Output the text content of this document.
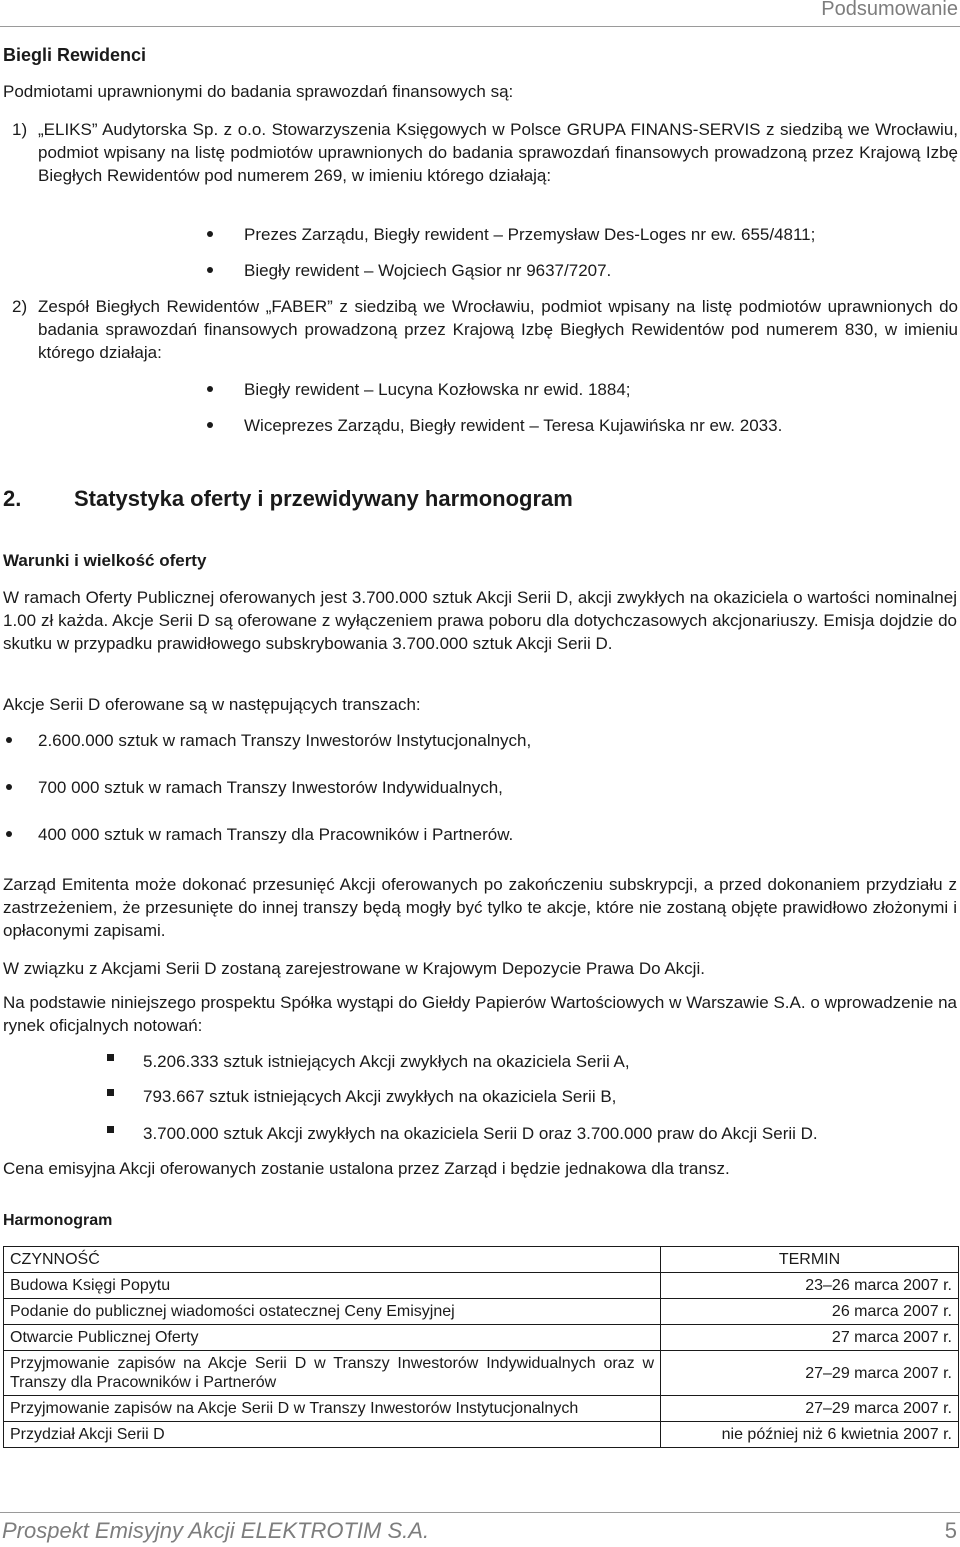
Podsumowanie
Biegli Rewidenci
Podmiotami uprawnionymi do badania sprawozdań finansowych są:
1) „ELIKS” Audytorska Sp. z o.o. Stowarzyszenia Księgowych w Polsce GRUPA FINANS-SERVIS z siedzibą we Wrocławiu, podmiot wpisany na listę podmiotów uprawnionych do badania sprawozdań finansowych prowadzoną przez Krajową Izbę Biegłych Rewidentów pod numerem 269, w imieniu którego działają:
Prezes Zarządu, Biegły rewident – Przemysław Des-Loges nr ew. 655/4811;
Biegły rewident – Wojciech Gąsior nr 9637/7207.
2) Zespół Biegłych Rewidentów „FABER” z siedzibą we Wrocławiu, podmiot wpisany na listę podmiotów uprawnionych do badania sprawozdań finansowych prowadzoną przez Krajową Izbę Biegłych Rewidentów pod numerem 830, w imieniu którego działaja:
Biegły rewident – Lucyna Kozłowska nr ewid. 1884;
Wiceprezes Zarządu, Biegły rewident – Teresa Kujawińska nr ew. 2033.
2. Statystyka oferty i przewidywany harmonogram
Warunki i wielkość oferty
W ramach Oferty Publicznej oferowanych jest 3.700.000 sztuk Akcji Serii D, akcji zwykłych na okaziciela o wartości nominalnej 1.00 zł każda. Akcje Serii D są oferowane z wyłączeniem prawa poboru dla dotychczasowych akcjonariuszy. Emisja dojdzie do skutku w przypadku prawidłowego subskrybowania 3.700.000 sztuk Akcji Serii D.
Akcje Serii D oferowane są w następujących transzach:
2.600.000 sztuk w ramach Transzy Inwestorów Instytucjonalnych,
700 000 sztuk w ramach Transzy Inwestorów Indywidualnych,
400 000 sztuk w ramach Transzy dla Pracowników i Partnerów.
Zarząd Emitenta może dokonać przesunięć Akcji oferowanych po zakończeniu subskrypcji, a przed dokonaniem przydziału z zastrzeżeniem, że przesunięte do innej transzy będą mogły być tylko te akcje, które nie zostaną objęte prawidłowo złożonymi i opłaconymi zapisami.
W związku z Akcjami Serii D zostaną zarejestrowane w Krajowym Depozycie Prawa Do Akcji.
Na podstawie niniejszego prospektu Spółka wystąpi do Giełdy Papierów Wartościowych w Warszawie S.A. o wprowadzenie na rynek oficjalnych notowań:
5.206.333 sztuk istniejących Akcji zwykłych na okaziciela Serii A,
793.667 sztuk istniejących Akcji zwykłych na okaziciela Serii B,
3.700.000 sztuk Akcji zwykłych na okaziciela Serii D oraz 3.700.000 praw do Akcji Serii D.
Cena emisyjna Akcji oferowanych zostanie ustalona przez Zarząd i będzie jednakowa dla transz.
Harmonogram
CZYNNOŚĆ	TERMIN
Budowa Księgi Popytu	23–26 marca 2007 r.
Podanie do publicznej wiadomości ostatecznej Ceny Emisyjnej	26 marca 2007 r.
Otwarcie Publicznej Oferty	27 marca 2007 r.
Przyjmowanie zapisów na Akcje Serii D w Transzy Inwestorów Indywidualnych oraz w Transzy dla Pracowników i Partnerów	27–29 marca 2007 r.
Przyjmowanie zapisów na Akcje Serii D w Transzy Inwestorów Instytucjonalnych	27–29 marca 2007 r.
Przydział Akcji Serii D	nie później niż 6 kwietnia 2007 r.
Prospekt Emisyjny Akcji ELEKTROTIM S.A.	5
